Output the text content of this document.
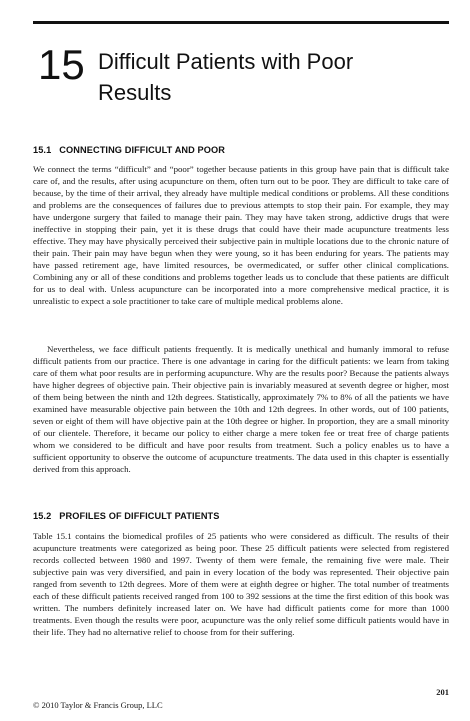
15 Difficult Patients with Poor Results
15.1 CONNECTING DIFFICULT AND POOR

We connect the terms “difficult” and “poor” together because patients in this group have pain that is difficult take care of, and the results, after using acupuncture on them, often turn out to be poor. They are difficult to take care of because, by the time of their arrival, they already have multiple medical conditions or problems. All these conditions and problems are the consequences of failures due to previous attempts to stop their pain. For example, they may have undergone surgery that failed to manage their pain. They may have taken strong, addictive drugs that were ineffective in stopping their pain, yet it is these drugs that could have their made acupuncture treatments less effective. They may have physically perceived their subjective pain in multiple locations due to the chronic nature of their pain. Their pain may have begun when they were young, so it has been enduring for years. The patients may have passed retirement age, have limited resources, be overmedicated, or suffer other clinical complications. Combining any or all of these conditions and problems together leads us to conclude that these patients are difficult for us to deal with. Unless acupuncture can be incorporated into a more comprehensive medical practice, it is unrealistic to expect a sole practitioner to take care of multiple medical problems alone.

Nevertheless, we face difficult patients frequently. It is medically unethical and humanly immoral to refuse difficult patients from our practice. There is one advantage in caring for the difficult patients: we learn from taking care of them what poor results are in performing acupuncture. Why are the results poor? Because the patients always have higher degrees of objective pain. Their objective pain is invariably measured at seventh degree or higher, most of them being between the ninth and 12th degrees. Statistically, approximately 7% to 8% of all the patients we have examined have measurable objective pain between the 10th and 12th degrees. In other words, out of 100 patients, seven or eight of them will have objective pain at the 10th degree or higher. In proportion, they are a small minority of our clientele. Therefore, it became our policy to either charge a mere token fee or treat free of charge patients whom we considered to be difficult and have poor results from treatment. Such a policy enables us to have a sufficient opportunity to observe the outcome of acupuncture treatments. The data used in this chapter is essentially derived from this approach.

15.2 PROFILES OF DIFFICULT PATIENTS

Table 15.1 contains the biomedical profiles of 25 patients who were considered as difficult. The results of their acupuncture treatments were categorized as being poor. These 25 difficult patients were selected from registered records collected between 1980 and 1997. Twenty of them were female, the remaining five were male. Their subjective pain was very diversified, and pain in every location of the body was represented. Their objective pain ranged from seventh to 12th degrees. More of them were at eighth degree or higher. The total number of treatments each of these difficult patients received ranged from 100 to 392 sessions at the time the first edition of this book was written. The numbers definitely increased later on. We have had difficult patients come for more than 1000 treatments. Even though the results were poor, acupuncture was the only relief some difficult patients would have in their life. They had no alternative relief to choose from for their suffering.

201
© 2010 Taylor & Francis Group, LLC
